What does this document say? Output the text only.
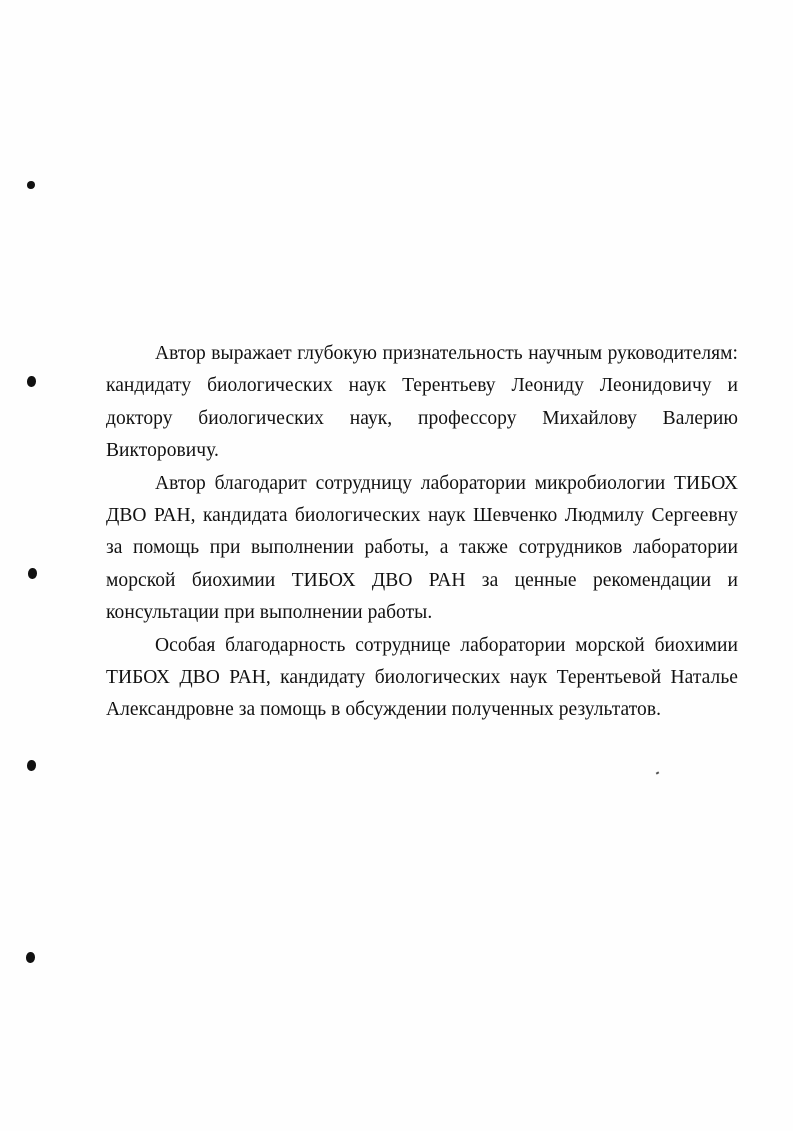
Автор выражает глубокую признательность научным руководителям: кандидату биологических наук Терентьеву Леониду Леонидовичу и доктору биологических наук, профессору Михайлову Валерию Викторовичу.

Автор благодарит сотрудницу лаборатории микробиологии ТИБОХ ДВО РАН, кандидата биологических наук Шевченко Людмилу Сергеевну за помощь при выполнении работы, а также сотрудников лаборатории морской биохимии ТИБОХ ДВО РАН за ценные рекомендации и консультации при выполнении работы.

Особая благодарность сотруднице лаборатории морской биохимии ТИБОХ ДВО РАН, кандидату биологических наук Терентьевой Наталье Александровне за помощь в обсуждении полученных результатов.
